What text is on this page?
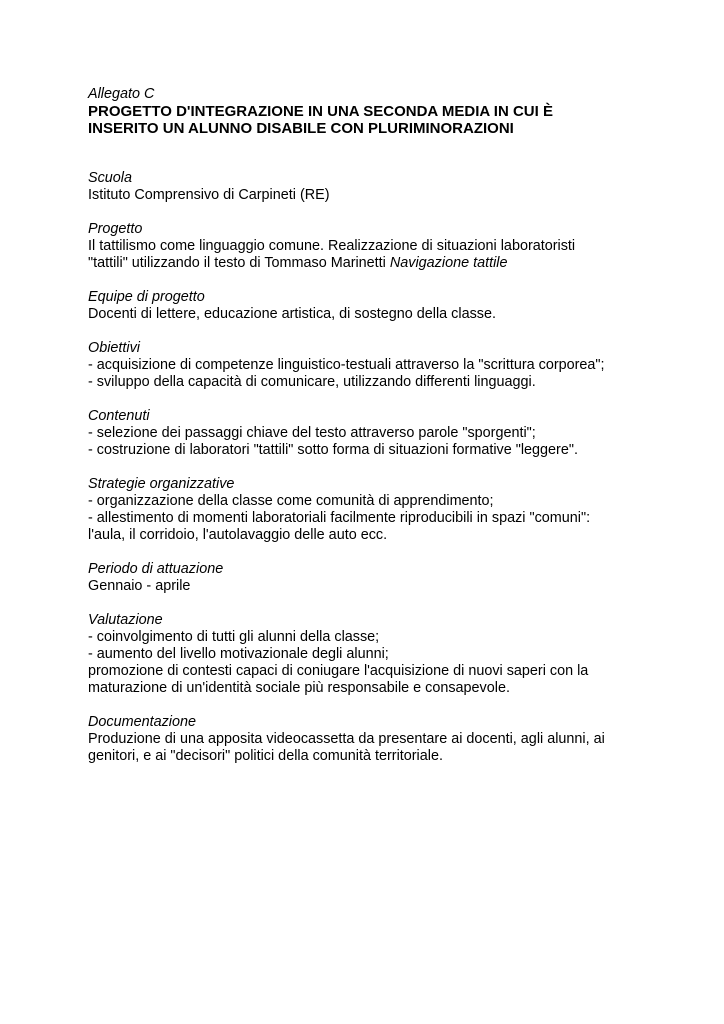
Allegato C

PROGETTO D'INTEGRAZIONE IN UNA SECONDA MEDIA IN CUI È
INSERITO UN ALUNNO DISABILE CON PLURIMINORAZIONI

Scuola

Istituto Comprensivo di Carpineti (RE)

Progetto

Il tattilismo come linguaggio comune. Realizzazione di situazioni laboratoristi

"tattili" utilizzando il testo di Tommaso Marinetti Navigazione tattile

Equipe di progetto

Docenti di lettere, educazione artistica, di sostegno della classe.

Obiettivi

- acquisizione di competenze linguistico-testuali attraverso la "scrittura corporea";

- sviluppo della capacità di comunicare, utilizzando differenti linguaggi.

Contenuti

- selezione dei passaggi chiave del testo attraverso parole "sporgenti";

- costruzione di laboratori "tattili" sotto forma di situazioni formative "leggere".

Strategie organizzative

- organizzazione della classe come comunità di apprendimento;

- allestimento di momenti laboratoriali facilmente riproducibili in spazi "comuni":

l'aula, il corridoio, l'autolavaggio delle auto ecc.

Periodo di attuazione

Gennaio - aprile

Valutazione

- coinvolgimento di tutti gli alunni della classe;

- aumento del livello motivazionale degli alunni;

promozione di contesti capaci di coniugare l'acquisizione di nuovi saperi con la

maturazione di un'identità sociale più responsabile e consapevole.

Documentazione

Produzione di una apposita videocassetta da presentare ai docenti, agli alunni, ai

genitori, e ai "decisori" politici della comunità territoriale.
